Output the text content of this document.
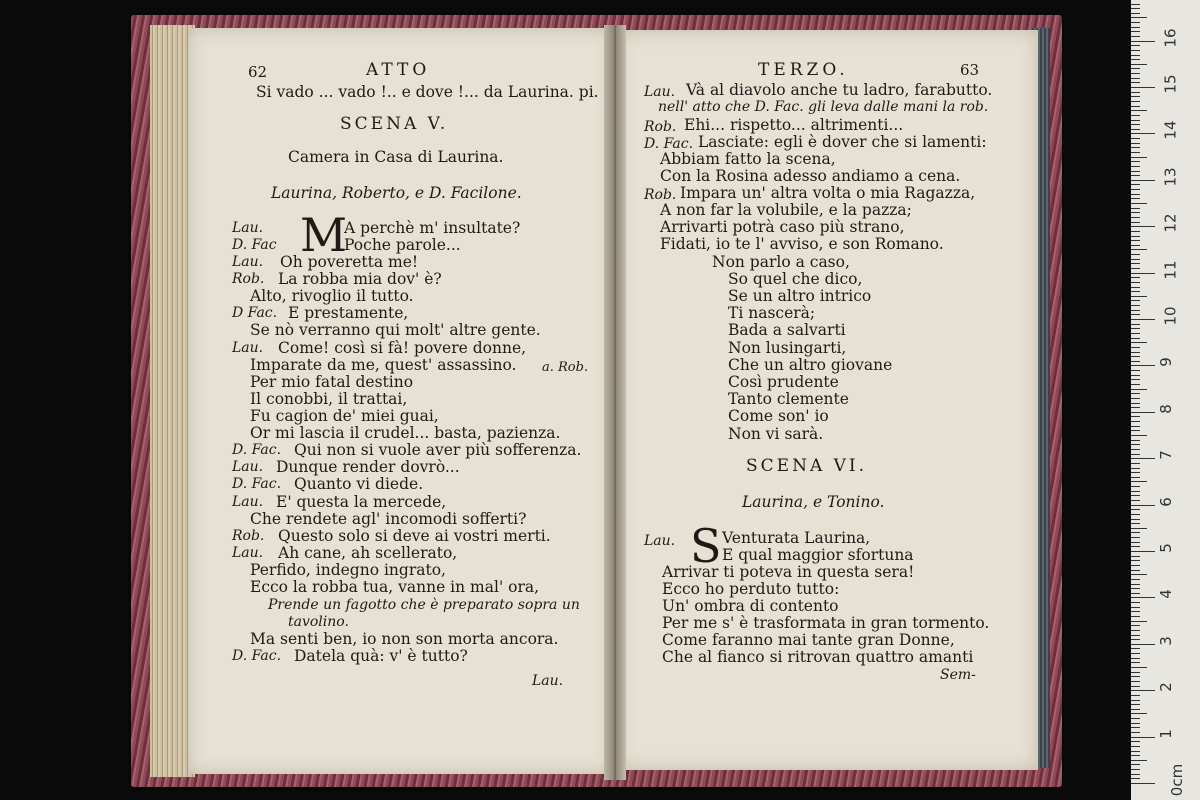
62	ATTO
Si vado ... vado !.. e dove !... da Laurina. pi.
SCENA V.
Camera in Casa di Laurina.
Laurina, Roberto, e D. Facilone.
Lau. M
A perchè m' insultate?
D. Fac	Poche parole...
Lau. Oh poveretta me!
Rob. La robba mia dov' è?
Alto, rivoglio il tutto.
D Fac. E prestamente,
Se nò verranno qui molt' altre gente.
Lau. Come! così si fà! povere donne,
Imparate da me, quest' assassino. a. Rob.
Per mio fatal destino
Il conobbi, il trattai,
Fu cagion de' miei guai,
Or mi lascia il crudel... basta, pazienza.
D. Fac. Qui non si vuole aver più sofferenza.
Lau. Dunque render dovrò...
D. Fac. Quanto vi diede.
Lau. E' questa la mercede,
Che rendete agl' incomodi sofferti?
Rob. Questo solo si deve ai vostri merti.
Lau. Ah cane, ah scellerato,
Perfido, indegno ingrato,
Ecco la robba tua, vanne in mal' ora,
Prende un fagotto che è preparato sopra un
tavolino.
Ma senti ben, io non son morta ancora.
D. Fac. Datela quà: v' è tutto?
Lau.
TERZO.	63
Lau. Và al diavolo anche tu ladro, farabutto.
nell' atto che D. Fac. gli leva dalle mani la rob.
Rob. Ehi... rispetto... altrimenti...
D. Fac. Lasciate: egli è dover che si lamenti:
Abbiam fatto la scena,
Con la Rosina adesso andiamo a cena.
Rob. Impara un' altra volta o mia Ragazza,
A non far la volubile, e la pazza;
Arrivarti potrà caso più strano,
Fidati, io te l' avviso, e son Romano.
Non parlo a caso,
So quel che dico,
Se un altro intrico
Ti nascerà;
Bada a salvarti
Non lusingarti,
Che un altro giovane
Così prudente
Tanto clemente
Come son' io
Non vi sarà.
SCENA VI.
Laurina, e Tonino.
Lau. S Venturata Laurina,
E qual maggior sfortuna
Arrivar ti poteva in questa sera!
Ecco ho perduto tutto:
Un' ombra di contento
Per me s' è trasformata in gran tormento.
Come faranno mai tante gran Donne,
Che al fianco si ritrovan quattro amanti
Sem-
0cm
1
2
3
4
5
6
7
8
9
10
11
12
13
14
15
16
